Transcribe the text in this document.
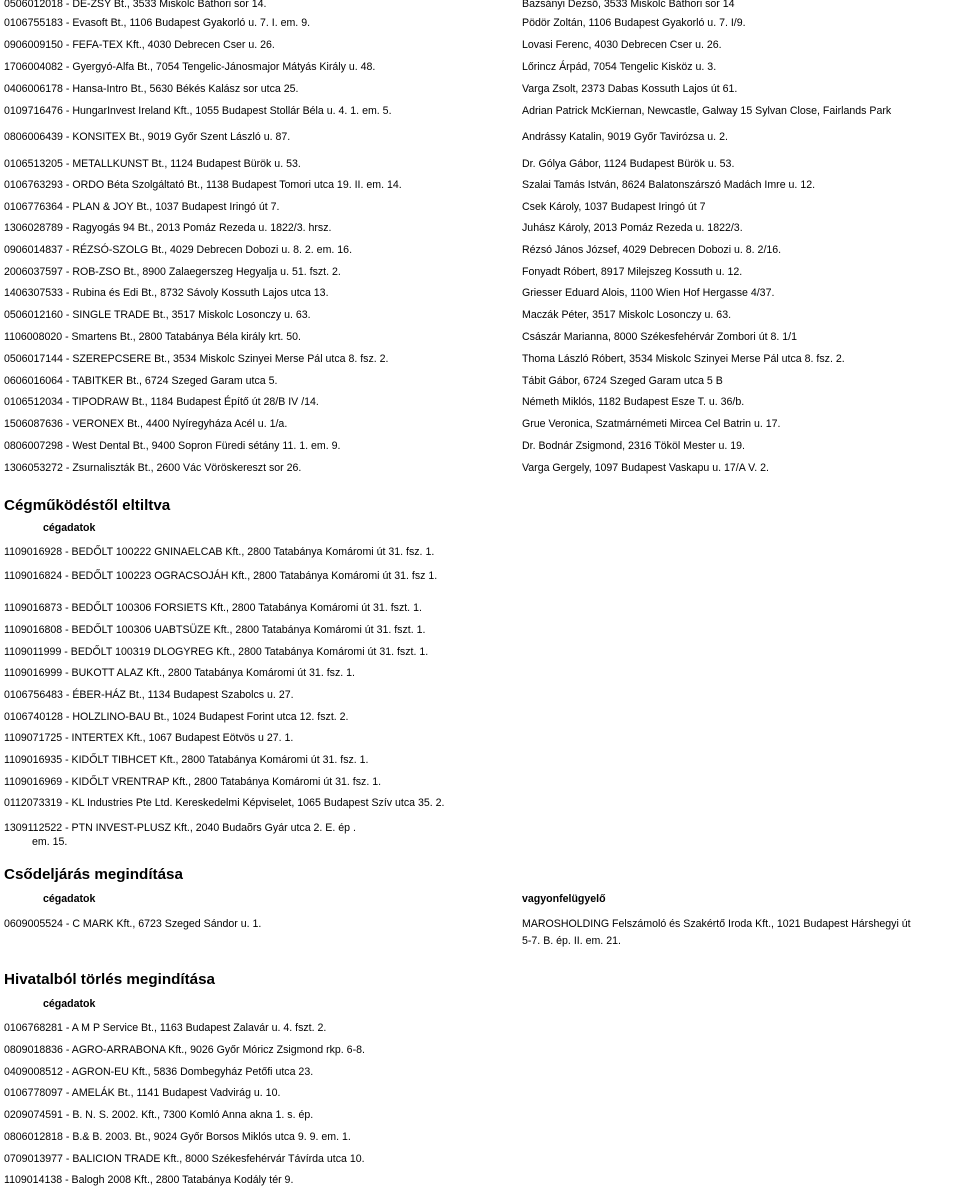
0506012018 - DE-ZSY Bt., 3533 Miskolc Báthori sor 14.	Bazsányi Dezső, 3533 Miskolc Báthori sor 14
0106755183 - Evasoft Bt., 1106 Budapest Gyakorló u. 7. I. em. 9.	Pödör Zoltán, 1106 Budapest Gyakorló u. 7. I/9.
0906009150 - FEFA-TEX Kft., 4030 Debrecen Cser u. 26.	Lovasi Ferenc, 4030 Debrecen Cser u. 26.
1706004082 - Gyergyó-Alfa Bt., 7054 Tengelic-Jánosmajor Mátyás Király u. 48.	Lőrincz Árpád, 7054 Tengelic Kisköz u. 3.
0406006178 - Hansa-Intro Bt., 5630 Békés Kalász sor utca 25.	Varga Zsolt, 2373 Dabas Kossuth Lajos út 61.
0109716476 - HungarInvest Ireland Kft., 1055 Budapest Stollár Béla u. 4. 1. em. 5.	Adrian Patrick McKiernan, Newcastle, Galway 15 Sylvan Close, Fairlands Park
0806006439 - KONSITEX Bt., 9019 Győr Szent László u. 87.	Andrássy Katalin, 9019 Győr Tavirózsa u. 2.
0106513205 - METALLKUNST Bt., 1124 Budapest Bürök u. 53.	Dr. Gólya Gábor, 1124 Budapest Bürök u. 53.
0106763293 - ORDO Béta Szolgáltató Bt., 1138 Budapest Tomori utca 19. II. em. 14.	Szalai Tamás István, 8624 Balatonszárszó Madách Imre u. 12.
0106776364 - PLAN & JOY Bt., 1037 Budapest Iringó út 7.	Csek Károly, 1037 Budapest Iringó út 7
1306028789 - Ragyogás 94 Bt., 2013 Pomáz Rezeda u. 1822/3. hrsz.	Juhász Károly, 2013 Pomáz Rezeda u. 1822/3.
0906014837 - RÉZSÓ-SZOLG Bt., 4029 Debrecen Dobozi u. 8. 2. em. 16.	Rézsó János József, 4029 Debrecen Dobozi u. 8. 2/16.
2006037597 - ROB-ZSO Bt., 8900 Zalaegerszeg Hegyalja u. 51. fszt. 2.	Fonyadt Róbert, 8917 Milejszeg Kossuth u. 12.
1406307533 - Rubina és Edi Bt., 8732 Sávoly Kossuth Lajos utca 13.	Griesser Eduard Alois, 1100 Wien Hof Hergasse 4/37.
0506012160 - SINGLE TRADE Bt., 3517 Miskolc Losonczy u. 63.	Maczák Péter, 3517 Miskolc Losonczy u. 63.
1106008020 - Smartens Bt., 2800 Tatabánya Béla király krt. 50.	Császár Marianna, 8000 Székesfehérvár Zombori út 8. 1/1
0506017144 - SZEREPCSERE Bt., 3534 Miskolc Szinyei Merse Pál utca 8. fsz. 2.	Thoma László Róbert, 3534 Miskolc Szinyei Merse Pál utca 8. fsz. 2.
0606016064 - TABITKER Bt., 6724 Szeged Garam utca 5.	Tábit Gábor, 6724 Szeged Garam utca 5 B
0106512034 - TIPODRAW Bt., 1184 Budapest Építő út 28/B IV /14.	Németh Miklós, 1182 Budapest Esze T. u. 36/b.
1506087636 - VERONEX Bt., 4400 Nyíregyháza Acél u. 1/a.	Grue Veronica, Szatmárnémeti Mircea Cel Batrin u. 17.
0806007298 - West Dental Bt., 9400 Sopron Füredi sétány 11. 1. em. 9.	Dr. Bodnár Zsigmond, 2316 Tököl Mester u. 19.
1306053272 - Zsurnaliszták Bt., 2600 Vác Vöröskereszt sor 26.	Varga Gergely, 1097 Budapest Vaskapu u. 17/A V. 2.
Cégműködéstől eltiltva
cégadatok
1109016928 - BEDŐLT 100222 GNINAELCAB Kft., 2800 Tatabánya Komáromi út 31. fsz. 1.
1109016824 - BEDŐLT 100223 OGRACSOJÁH Kft., 2800 Tatabánya Komáromi út 31. fsz 1.
1109016873 - BEDŐLT 100306 FORSIETS Kft., 2800 Tatabánya Komáromi út 31. fszt. 1.
1109016808 - BEDŐLT 100306 UABTSÜZE Kft., 2800 Tatabánya Komáromi út 31. fszt. 1.
1109011999 - BEDŐLT 100319 DLOGYREG Kft., 2800 Tatabánya Komáromi út 31. fszt. 1.
1109016999 - BUKOTT ALAZ Kft., 2800 Tatabánya Komáromi út 31. fsz. 1.
0106756483 - ÉBER-HÁZ Bt., 1134 Budapest Szabolcs u. 27.
0106740128 - HOLZLINO-BAU Bt., 1024 Budapest Forint utca 12. fszt. 2.
1109071725 - INTERTEX Kft., 1067 Budapest Eötvös u 27. 1.
1109016935 - KIDŐLT TIBHCET Kft., 2800 Tatabánya Komáromi út 31. fsz. 1.
1109016969 - KIDŐLT VRENTRAP Kft., 2800 Tatabánya Komáromi út 31. fsz. 1.
0112073319 - KL Industries Pte Ltd. Kereskedelmi Képviselet, 1065 Budapest Szív utca 35. 2.
1309112522 - PTN INVEST-PLUSZ Kft., 2040 Budaõrs Gyár utca 2. E. ép .
em. 15.
Csődeljárás megindítása
cégadatok	vagyonfelügyelő
0609005524 - C MARK Kft., 6723 Szeged Sándor u. 1.	MAROSHOLDING Felszámoló és Szakértő Iroda Kft., 1021 Budapest Hárshegyi út
5-7. B. ép. II. em. 21.
Hivatalból törlés megindítása
cégadatok
0106768281 - A M P Service Bt., 1163 Budapest Zalavár u. 4. fszt. 2.
0809018836 - AGRO-ARRABONA Kft., 9026 Győr Móricz Zsigmond rkp. 6-8.
0409008512 - AGRON-EU Kft., 5836 Dombegyház Petőfi utca 23.
0106778097 - AMELÁK Bt., 1141 Budapest Vadvirág u. 10.
0209074591 - B. N. S. 2002. Kft., 7300 Komló Anna akna 1. s. ép.
0806012818 - B.& B. 2003. Bt., 9024 Győr Borsos Miklós utca 9. 9. em. 1.
0709013977 - BALICION TRADE Kft., 8000 Székesfehérvár Távírda utca 10.
1109014138 - Balogh 2008 Kft., 2800 Tatabánya Kodály tér 9.
